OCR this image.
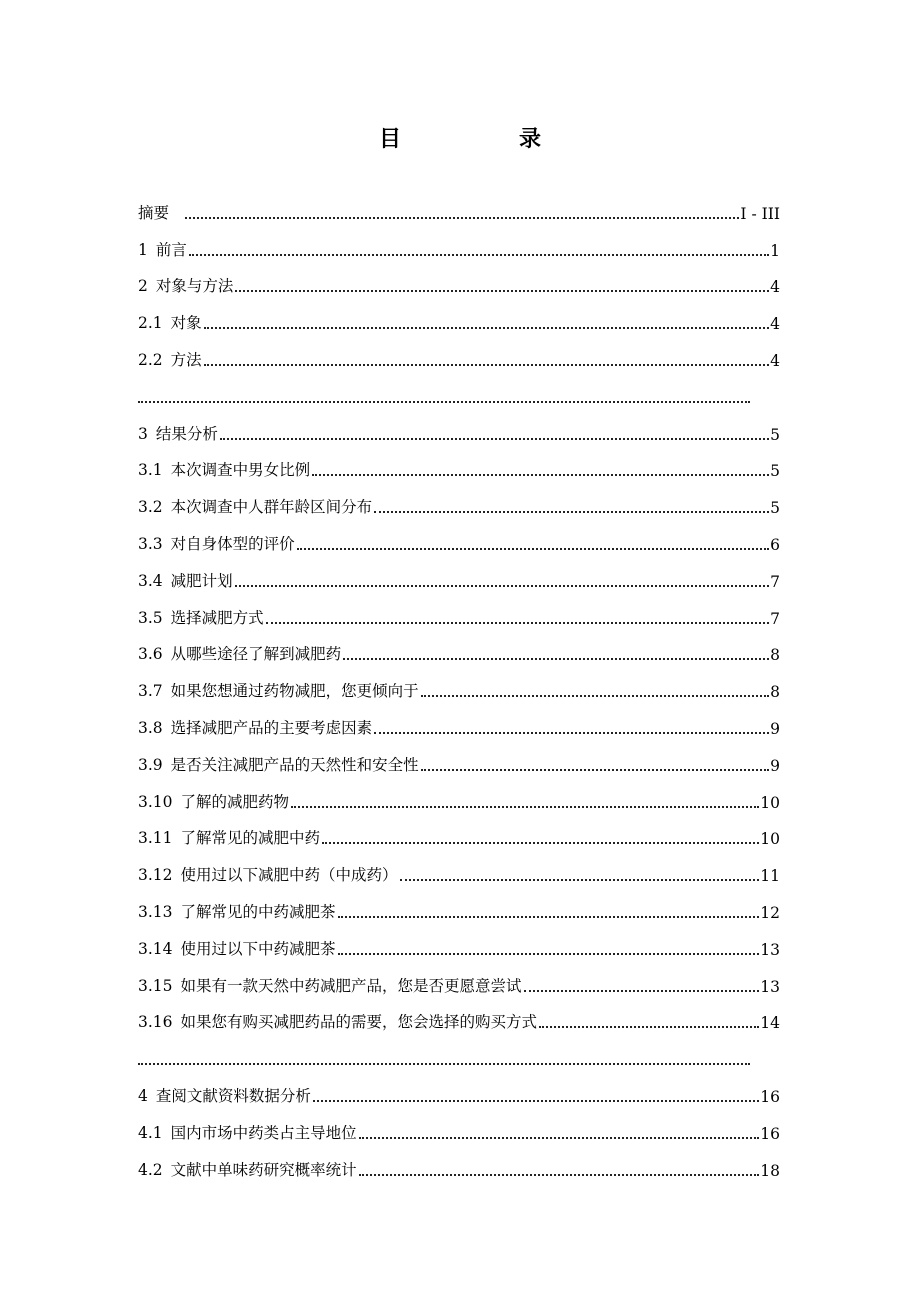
目　录
摘要	I - III
1 前言	1
2 对象与方法	4
2.1 对象	4
2.2 方法	4
3 结果分析	5
3.1 本次调查中男女比例	5
3.2 本次调查中人群年龄区间分布	5
3.3 对自身体型的评价	6
3.4 减肥计划	7
3.5 选择减肥方式	7
3.6 从哪些途径了解到减肥药	8
3.7 如果您想通过药物减肥，您更倾向于	8
3.8 选择减肥产品的主要考虑因素	9
3.9 是否关注减肥产品的天然性和安全性	9
3.10 了解的减肥药物	10
3.11 了解常见的减肥中药	10
3.12 使用过以下减肥中药（中成药）	11
3.13 了解常见的中药减肥茶	12
3.14 使用过以下中药减肥茶	13
3.15 如果有一款天然中药减肥产品，您是否更愿意尝试	13
3.16 如果您有购买减肥药品的需要，您会选择的购买方式	14
4 查阅文献资料数据分析	16
4.1 国内市场中药类占主导地位	16
4.2 文献中单味药研究概率统计	18
